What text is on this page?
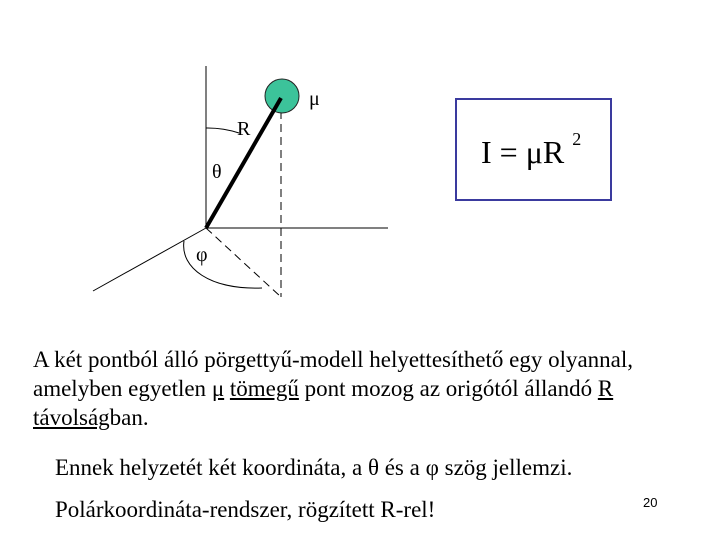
R
μ
θ
φ
I = μR $^2$
A két pontból álló pörgettyű-modell helyettesíthető egy olyannal, amelyben egyetlen μ tömegű pont mozog az origótól állandó R távolságban.
Ennek helyzetét két koordináta, a θ és a φ szög jellemzi.
Polárkoordináta-rendszer, rögzített R-rel!	20
